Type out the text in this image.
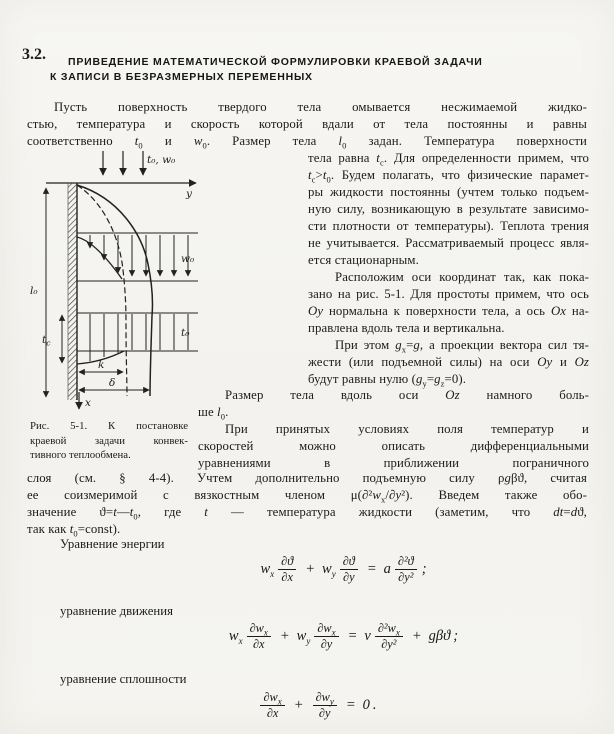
3.2. ПРИВЕДЕНИЕ МАТЕМАТИЧЕСКОЙ ФОРМУЛИРОВКИ КРАЕВОЙ ЗАДАЧИ
К ЗАПИСИ В БЕЗРАЗМЕРНЫХ ПЕРЕМЕННЫХ
Пусть поверхность твердого тела омывается несжимаемой жидко-
стью, температура и скорость которой вдали от тела постоянны и равны
соответственно $t_0$ и $w_0$. Размер тела $l_0$ задан. Температура поверхности
t₀, w₀
y
l₀
w₀
t₀
$t_c$
k
δ
x
Рис. 5-1. К постановке
краевой задачи конвек-
тивного теплообмена.
тела равна $t_c$. Для определенности примем, что
$t_c>t_0$. Будем полагать, что физические парамет-
ры жидкости постоянны (учтем только подъем-
ную силу, возникающую в результате зависимо-
сти плотности от температуры). Теплота трения
не учитывается. Рассматриваемый процесс явля-
ется стационарным.
Расположим оси координат так, как пока-
зано на рис. 5-1. Для простоты примем, что ось
Oy нормальна к поверхности тела, а ось Ox на-
правлена вдоль тела и вертикальна.
При этом $g_x=g$, а проекции вектора сил тя-
жести (или подъемной силы) на оси Oy и Oz
будут равны нулю $(g_y=g_z=0)$.
Размер тела вдоль оси Oz намного боль-
ше $l_0$.
При принятых условиях поля температур и
скоростей можно описать дифференциальными
уравнениями в приближении пограничного
слоя (см. § 4-4). Учтем дополнительно подъемную силу ρgβϑ, считая
ее соизмеримой с вязкостным членом $\mu(\partial^2w_x/\partial y^2)$. Введем также обо-
значение $ϑ=t—t_0$, где t — температура жидкости (заметим, что dt=dϑ,
так как $t_0=const$).
Уравнение энергии
$w_x \frac{\partial ϑ}{\partial x} + w_y \frac{\partial ϑ}{\partial y} = a \frac{\text{∂²ϑ}}{\text{∂y²}}$ ;
уравнение движения
$w_x \frac{\partial w_x}{\partial x} + w_y \frac{\partial w_x}{\partial y} = \nu \frac{\partial^2w_x}{\text{∂y²}} + g\beta ϑ$ ;
уравнение сплошности
$\frac{\partial w_x}{\partial x} + \frac{\partial w_y}{\partial y} = 0$ .
